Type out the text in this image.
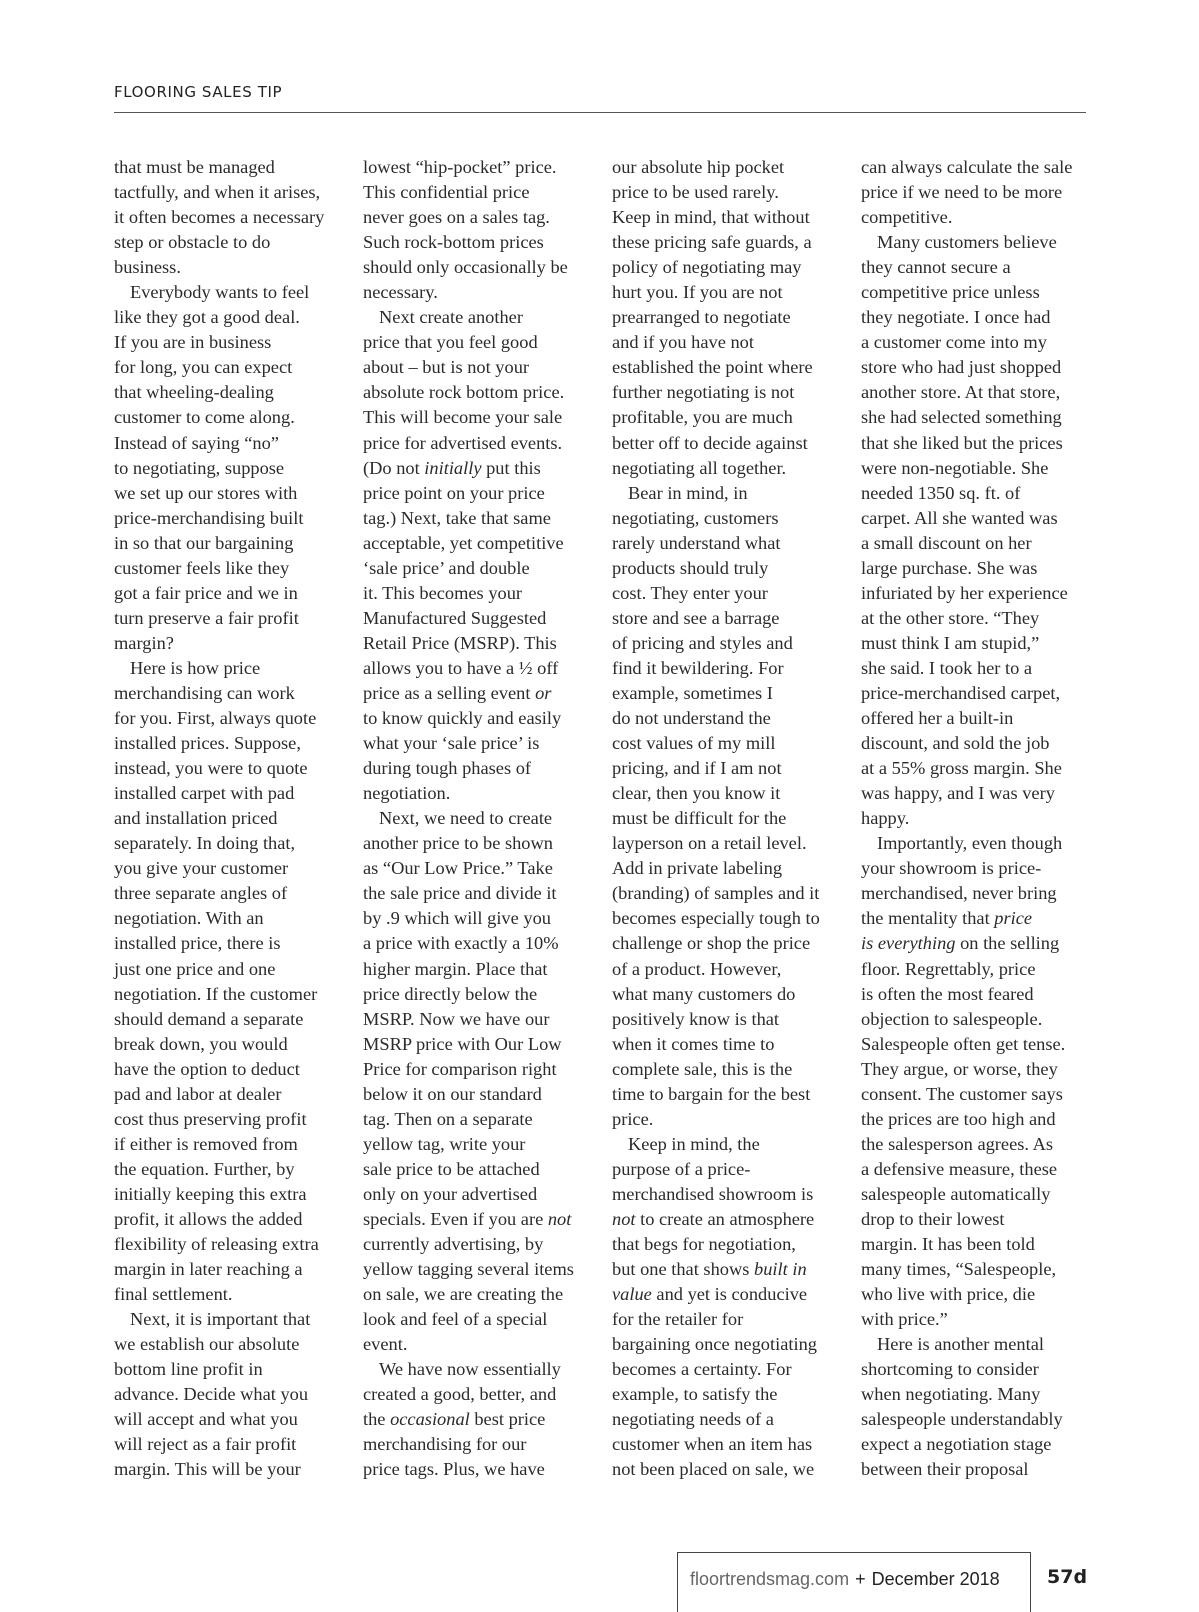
FLOORING SALES TIP
that must be managed
tactfully, and when it arises,
it often becomes a necessary
step or obstacle to do
business.
Everybody wants to feel
like they got a good deal.
If you are in business
for long, you can expect
that wheeling-dealing
customer to come along.
Instead of saying “no”
to negotiating, suppose
we set up our stores with
price-merchandising built
in so that our bargaining
customer feels like they
got a fair price and we in
turn preserve a fair profit
margin?
Here is how price
merchandising can work
for you. First, always quote
installed prices. Suppose,
instead, you were to quote
installed carpet with pad
and installation priced
separately. In doing that,
you give your customer
three separate angles of
negotiation. With an
installed price, there is
just one price and one
negotiation. If the customer
should demand a separate
break down, you would
have the option to deduct
pad and labor at dealer
cost thus preserving profit
if either is removed from
the equation. Further, by
initially keeping this extra
profit, it allows the added
flexibility of releasing extra
margin in later reaching a
final settlement.
Next, it is important that
we establish our absolute
bottom line profit in
advance. Decide what you
will accept and what you
will reject as a fair profit
margin. This will be your
lowest “hip-pocket” price.
This confidential price
never goes on a sales tag.
Such rock-bottom prices
should only occasionally be
necessary.
Next create another
price that you feel good
about – but is not your
absolute rock bottom price.
This will become your sale
price for advertised events.
(Do not initially put this
price point on your price
tag.) Next, take that same
acceptable, yet competitive
‘sale price’ and double
it. This becomes your
Manufactured Suggested
Retail Price (MSRP). This
allows you to have a ½ off
price as a selling event or
to know quickly and easily
what your ‘sale price’ is
during tough phases of
negotiation.
Next, we need to create
another price to be shown
as “Our Low Price.” Take
the sale price and divide it
by .9 which will give you
a price with exactly a 10%
higher margin. Place that
price directly below the
MSRP. Now we have our
MSRP price with Our Low
Price for comparison right
below it on our standard
tag. Then on a separate
yellow tag, write your
sale price to be attached
only on your advertised
specials. Even if you are not
currently advertising, by
yellow tagging several items
on sale, we are creating the
look and feel of a special
event.
We have now essentially
created a good, better, and
the occasional best price
merchandising for our
price tags. Plus, we have
our absolute hip pocket
price to be used rarely.
Keep in mind, that without
these pricing safe guards, a
policy of negotiating may
hurt you. If you are not
prearranged to negotiate
and if you have not
established the point where
further negotiating is not
profitable, you are much
better off to decide against
negotiating all together.
Bear in mind, in
negotiating, customers
rarely understand what
products should truly
cost. They enter your
store and see a barrage
of pricing and styles and
find it bewildering. For
example, sometimes I
do not understand the
cost values of my mill
pricing, and if I am not
clear, then you know it
must be difficult for the
layperson on a retail level.
Add in private labeling
(branding) of samples and it
becomes especially tough to
challenge or shop the price
of a product. However,
what many customers do
positively know is that
when it comes time to
complete sale, this is the
time to bargain for the best
price.
Keep in mind, the
purpose of a price-
merchandised showroom is
not to create an atmosphere
that begs for negotiation,
but one that shows built in
value and yet is conducive
for the retailer for
bargaining once negotiating
becomes a certainty. For
example, to satisfy the
negotiating needs of a
customer when an item has
not been placed on sale, we
can always calculate the sale
price if we need to be more
competitive.
Many customers believe
they cannot secure a
competitive price unless
they negotiate. I once had
a customer come into my
store who had just shopped
another store. At that store,
she had selected something
that she liked but the prices
were non-negotiable. She
needed 1350 sq. ft. of
carpet. All she wanted was
a small discount on her
large purchase. She was
infuriated by her experience
at the other store. “They
must think I am stupid,”
she said. I took her to a
price-merchandised carpet,
offered her a built-in
discount, and sold the job
at a 55% gross margin. She
was happy, and I was very
happy.
Importantly, even though
your showroom is price-
merchandised, never bring
the mentality that price
is everything on the selling
floor. Regrettably, price
is often the most feared
objection to salespeople.
Salespeople often get tense.
They argue, or worse, they
consent. The customer says
the prices are too high and
the salesperson agrees. As
a defensive measure, these
salespeople automatically
drop to their lowest
margin. It has been told
many times, “Salespeople,
who live with price, die
with price.”
Here is another mental
shortcoming to consider
when negotiating. Many
salespeople understandably
expect a negotiation stage
between their proposal
floortrendsmag.com + December 2018 57d
